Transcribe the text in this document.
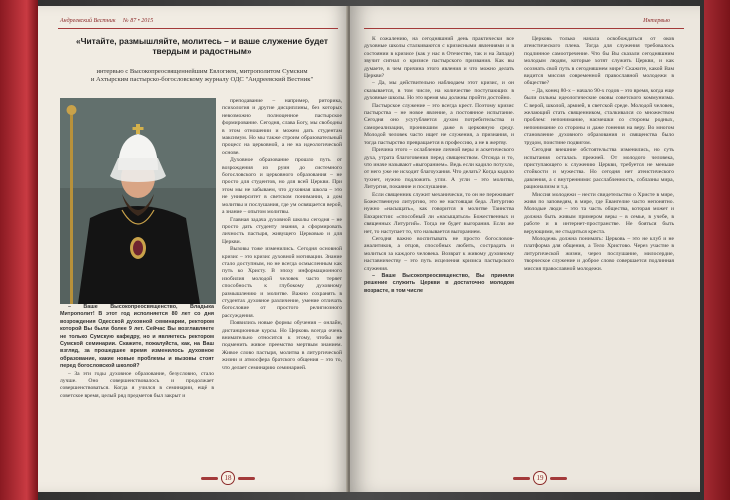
Андреевский Вестник № 87 • 2015
«Читайте, размышляйте, молитесь – и ваше служение будет твердым и радостным»
интервью с Высокопреосвященнейшим Евлогием, митрополитом Сумским
и Ахтырским пастырско-богословскому журналу ОДС "Андреевский Вестник"

– Ваше Высокопреосвященство, Владыка Митрополит! В этот год исполняется 80 лет со дня возрождения Одесской духовной семинарии, ректором которой Вы были более 9 лет. Сейчас Вы возглавляете не только Сумскую кафедру, но и являетесь ректором Сумской семинарии. Скажите, пожалуйста, как, на Ваш взгляд, за прошедшее время изменилось духовное образование, какие новые проблемы и вызовы стоят перед богословской школой?

– За эти годы духовное образование, безусловно, стало лучше. Оно совершенствовалось и продолжает совершенствоваться. Когда я учился в семинарии, ещё в советское время, целый ряд предметов был закрыт и

преподавание – например, риторика, психология и другие дисциплины, без которых невозможно полноценное пастырское формирование. Сегодня, слава Богу, мы свободны в этом отношении и можем дать студентам максимум. Но мы также строим образовательный процесс на церковной, а не на идеологической основе.

Духовное образование прошло путь от возрождения из руин до системного богословского и церковного образования – не просто для студентов, но для всей Церкви. При этом мы не забываем, что духовная школа – это не университет в светском понимании, а дом молитвы и послушания, где ум освящается верой, а знание – опытом молитвы.

Главная задача духовной школы сегодня – не просто дать студенту знания, а сформировать личность пастыря, живущего Церковью и для Церкви.

Вызовы тоже изменились. Сегодня основной кризис – это кризис духовной мотивации. Знание стало доступным, но не всегда осмысленным как путь ко Христу. В эпоху информационного изобилия молодой человек часто теряет способность к глубокому духовному размышлению и молитве. Важно сохранять в студентах духовное различение, умение отличать богословие от простого религиозного рассуждения.

Появились новые формы обучения – онлайн, дистанционные курсы. Но Церковь всегда очень внимательно относится к этому, чтобы не подменить живое преемство мертвым знанием. Живое слово пастыря, молитва в литургической жизни и атмосфера братского общения – это то, что делает семинарию семинарией.

18
Интервью

К сожалению, на сегодняшний день практически все духовные школы сталкиваются с кризисными явлениями и в состоянии в кризисе (как у нас в Отечестве, так и на Западе) звучит сигнал о кризисе пастырского призвания. Как вы думаете, в чем причина этого явления и что можно делать Церкви?

– Да, мы действительно наблюдаем этот кризис, и он сказывается, в том числе, на количестве поступающих в духовные школы. Но это время мы должны пройти достойно.

Пастырское служение – это всегда крест. Поэтому кризис пастырства – не новое явление, а постоянное испытание. Сегодня оно усугубляется духом потребительства и самореализации, проникшим даже в церковную среду. Молодой человек часто ищет не служения, а признания, и тогда пастырство превращается в профессию, а не в жертву.

Причина этого – ослабление личной веры и аскетического духа, утрата благоговения перед священством. Отсюда и то, что иначе называют «выгоранием». Ведь если кадило потухло, от него уже не исходит благоухания. Что делать? Когда кадило тухнет, нужно подложить угли. А угли – это молитва, Литургия, покаяние и послушание.

Если священник служит механически, то он не переживает Божественную литургию, это не настоящая беда. Литургию нужно «насыщать», как говорится в молитве Таинства Евхаристии: «способный ли «насыщаться» Божественных и священных Литургий». Тогда не будет выгорания. Если же нет, то наступает то, что называется выгоранием.

Сегодня важно воспитывать не просто богословов-аналитиков, а отцов, способных любить, сострадать и молиться за каждого человека. Возврат к живому духовному наставничеству – это путь исцеления кризиса пастырского служения.

– Ваше Высокопреосвященство, Вы приняли решение служить Церкви в достаточно молодом возрасте, в том числе

Церковь только начала освобождаться от оков атеистического плена. Тогда для служения требовалось подлинное самоотречение. Что бы Вы сказали сегодняшним молодым людям, которые хотят служить Церкви, и как осознать свой путь в сегодняшнем мире? Скажите, какой Вам видится миссия современной православной молодежи в обществе?

– Да, конец 80-х – начало 90-х годов – это время, когда еще были сильны идеологические оковы советского коммунизма. С верой, школой, армией, в светской среде. Молодой человек, желающий стать священником, сталкивался со множеством проблем: непонимание, насмешки со стороны родных, непонимание со стороны и даже гонения на веру. Во многом становление духовного образования и священства было трудом, поистине подвигом.

Сегодня внешние обстоятельства изменились, но суть испытания осталась прежней. От молодого человека, приступающего к служению Церкви, требуется не меньше стойкости и мужества. Но сегодня нет атеистического давления, а с внутренними: расслабленность, соблазны мира, рационализм и т.д.

Миссия молодежи – нести свидетельство о Христе в мире, живя по заповедям, в мире, где Евангелие часто непонятно. Молодые люди – это та часть общества, которая может и должна быть живым примером веры – в семье, в учебе, в работе и в интернет-пространстве. Не бояться быть верующими, не стыдиться креста.

Молодежь должна понимать: Церковь – это не клуб и не платформа для общения, а Тело Христово. Через участие в литургической жизни, через послушание, милосердие, творческое служение и доброе слово совершается подлинная миссия православной молодежи.

19
